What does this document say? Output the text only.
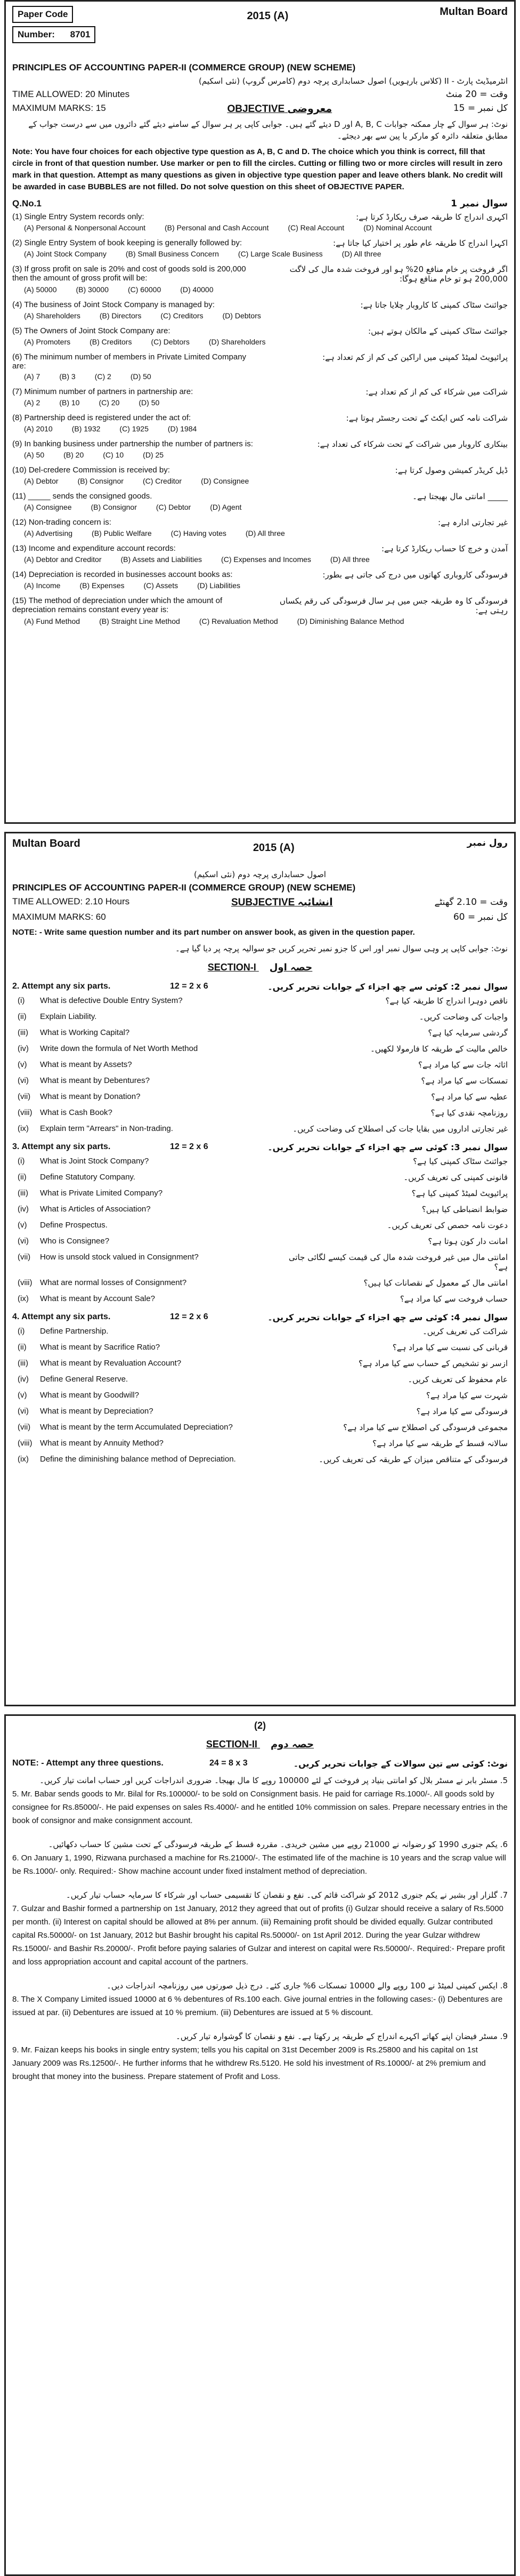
Paper Code
Number: 8701
2015 (A)	Multan Board
PRINCIPLES OF ACCOUNTING PAPER-II (COMMERCE GROUP) (NEW SCHEME)
انٹرمیڈیٹ پارٹ - II (کلاس بارہویں) اصول حسابداری پرچہ دوم (کامرس گروپ) (نئی اسکیم)
TIME ALLOWED: 20 Minutes	وقت = 20 منٹ
MAXIMUM MARKS: 15	OBJECTIVE معروضی	کل نمبر = 15
نوٹ: ہر سوال کے چار ممکنہ جوابات A, B, C اور D دیئے گئے ہیں۔ جوابی کاپی پر ہر سوال کے سامنے دیئے گئے دائروں میں سے درست جواب کے مطابق متعلقہ دائرہ کو مارکر یا پین سے بھر دیجئے۔
Note: You have four choices for each objective type question as A, B, C and D. The choice which you think is correct, fill that circle in front of that question number. Use marker or pen to fill the circles. Cutting or filling two or more circles will result in zero mark in that question. Attempt as many questions as given in objective type question paper and leave others blank. No credit will be awarded in case BUBBLES are not filled. Do not solve question on this sheet of OBJECTIVE PAPER.
Q.No.1	سوال نمبر 1
(1) Single Entry System records only:	اکہری اندراج کا طریقہ صرف ریکارڈ کرتا ہے:
(A) Personal & Nonpersonal Account	(B) Personal and Cash Account	(C) Real Account	(D) Nominal Account
(2) Single Entry System of book keeping is generally followed by:	اکہرا اندراج کا طریقہ عام طور پر اختیار کیا جاتا ہے:
(A) Joint Stock Company	(B) Small Business Concern	(C) Large Scale Business	(D) All three
(3) If gross profit on sale is 20% and cost of goods sold is 200,000 then the amount of gross profit will be:
اگر فروخت پر خام منافع 20% ہو اور فروخت شدہ مال کی لاگت 200,000 ہو تو خام منافع ہوگا:
(A) 50000	(B) 30000	(C) 60000	(D) 40000
(4) The business of Joint Stock Company is managed by:	جوائنٹ سٹاک کمپنی کا کاروبار چلایا جاتا ہے:
(A) Shareholders	(B) Directors	(C) Creditors	(D) Debtors
(5) The Owners of Joint Stock Company are:	جوائنٹ سٹاک کمپنی کے مالکان ہوتے ہیں:
(A) Promoters	(B) Creditors	(C) Debtors	(D) Shareholders
(6) The minimum number of members in Private Limited Company are:
پرائیویٹ لمیٹڈ کمپنی میں اراکین کی کم از کم تعداد ہے:
(A) 7	(B) 3	(C) 2	(D) 50
(7) Minimum number of partners in partnership are:	شراکت میں شرکاء کی کم از کم تعداد ہے:
(A) 2	(B) 10	(C) 20	(D) 50
(8) Partnership deed is registered under the act of:	شراکت نامہ کس ایکٹ کے تحت رجسٹر ہوتا ہے:
(A) 2010	(B) 1932	(C) 1925	(D) 1984
(9) In banking business under partnership the number of partners is:	بینکاری کاروبار میں شراکت کے تحت شرکاء کی تعداد ہے:
(A) 50	(B) 20	(C) 10	(D) 25
(10) Del-credere Commission is received by:	ڈیل کریڈر کمیشن وصول کرتا ہے:
(A) Debtor	(B) Consignor	(C) Creditor	(D) Consignee
(11) _____ sends the consigned goods.	_____ امانتی مال بھیجتا ہے۔
(A) Consignee	(B) Consignor	(C) Debtor	(D) Agent
(12) Non-trading concern is:	غیر تجارتی ادارہ ہے:
(A) Advertising	(B) Public Welfare	(C) Having votes	(D) All three
(13) Income and expenditure account records:	آمدن و خرچ کا حساب ریکارڈ کرتا ہے:
(A) Debtor and Creditor	(B) Assets and Liabilities	(C) Expenses and Incomes	(D) All three
(14) Depreciation is recorded in businesses account books as:	فرسودگی کاروباری کھاتوں میں درج کی جاتی ہے بطور:
(A) Income	(B) Expenses	(C) Assets	(D) Liabilities
(15) The method of depreciation under which the amount of depreciation remains constant every year is:
فرسودگی کا وہ طریقہ جس میں ہر سال فرسودگی کی رقم یکساں رہتی ہے:
(A) Fund Method	(B) Straight Line Method	(C) Revaluation Method	(D) Diminishing Balance Method
Multan Board	2015 (A)	رول نمبر
اصول حسابداری پرچہ دوم (نئی اسکیم)
PRINCIPLES OF ACCOUNTING PAPER-II (COMMERCE GROUP) (NEW SCHEME)
TIME ALLOWED: 2.10 Hours	SUBJECTIVE انشائیہ	وقت = 2.10 گھنٹے
MAXIMUM MARKS: 60	کل نمبر = 60
NOTE: - Write same question number and its part number on answer book, as given in the question paper.
نوٹ: جوابی کاپی پر وہی سوال نمبر اور اس کا جزو نمبر تحریر کریں جو سوالیہ پرچہ پر دیا گیا ہے۔
SECTION-I حصہ اول
2. Attempt any six parts.	12 = 2 x 6	سوال نمبر 2: کوئی سے چھ اجزاء کے جوابات تحریر کریں۔
(i) What is defective Double Entry System?	ناقص دوہرا اندراج کا طریقہ کیا ہے؟
(ii) Explain Liability.	واجبات کی وضاحت کریں۔
(iii) What is Working Capital?	گردشی سرمایہ کیا ہے؟
(iv) Write down the formula of Net Worth Method	خالص مالیت کے طریقہ کا فارمولا لکھیں۔
(v) What is meant by Assets?	اثاثہ جات سے کیا مراد ہے؟
(vi) What is meant by Debentures?	تمسکات سے کیا مراد ہے؟
(vii) What is meant by Donation?	عطیہ سے کیا مراد ہے؟
(viii) What is Cash Book?	روزنامچہ نقدی کیا ہے؟
(ix) Explain term "Arrears" in Non-trading.	غیر تجارتی اداروں میں بقایا جات کی اصطلاح کی وضاحت کریں۔
3. Attempt any six parts.	12 = 2 x 6	سوال نمبر 3: کوئی سے چھ اجزاء کے جوابات تحریر کریں۔
(i) What is Joint Stock Company?	جوائنٹ سٹاک کمپنی کیا ہے؟
(ii) Define Statutory Company.	قانونی کمپنی کی تعریف کریں۔
(iii) What is Private Limited Company?	پرائیویٹ لمیٹڈ کمپنی کیا ہے؟
(iv) What is Articles of Association?	ضوابط انضباطی کیا ہیں؟
(v) Define Prospectus.	دعوت نامہ حصص کی تعریف کریں۔
(vi) Who is Consignee?	امانت دار کون ہوتا ہے؟
(vii) How is unsold stock valued in Consignment?	امانتی مال میں غیر فروخت شدہ مال کی قیمت کیسے لگائی جاتی ہے؟
(viii) What are normal losses of Consignment?	امانتی مال کے معمول کے نقصانات کیا ہیں؟
(ix) What is meant by Account Sale?	حساب فروخت سے کیا مراد ہے؟
4. Attempt any six parts.	12 = 2 x 6	سوال نمبر 4: کوئی سے چھ اجزاء کے جوابات تحریر کریں۔
(i) Define Partnership.	شراکت کی تعریف کریں۔
(ii) What is meant by Sacrifice Ratio?	قربانی کی نسبت سے کیا مراد ہے؟
(iii) What is meant by Revaluation Account?	ازسر نو تشخیص کے حساب سے کیا مراد ہے؟
(iv) Define General Reserve.	عام محفوظ کی تعریف کریں۔
(v) What is meant by Goodwill?	شہرت سے کیا مراد ہے؟
(vi) What is meant by Depreciation?	فرسودگی سے کیا مراد ہے؟
(vii) What is meant by the term Accumulated Depreciation?	مجموعی فرسودگی کی اصطلاح سے کیا مراد ہے؟
(viii) What is meant by Annuity Method?	سالانہ قسط کے طریقہ سے کیا مراد ہے؟
(ix) Define the diminishing balance method of Depreciation.	فرسودگی کے متناقص میزان کے طریقہ کی تعریف کریں۔
(2)
SECTION-II حصہ دوم
NOTE: - Attempt any three questions.	24 = 8 x 3	نوٹ: کوئی سے تین سوالات کے جوابات تحریر کریں۔
5. مسٹر بابر نے مسٹر بلال کو امانتی بنیاد پر فروخت کے لئے 100000 روپے کا مال بھیجا۔ ضروری اندراجات کریں اور حساب امانت تیار کریں۔
5. Mr. Babar sends goods to Mr. Bilal for Rs.100000/- to be sold on Consignment basis. He paid for carriage Rs.1000/-. All goods sold by consignee for Rs.85000/-. He paid expenses on sales Rs.4000/- and he entitled 10% commission on sales. Prepare necessary entries in the book of consignor and make consignment account.
6. یکم جنوری 1990 کو رضوانہ نے 21000 روپے میں مشین خریدی۔ مقررہ قسط کے طریقہ فرسودگی کے تحت مشین کا حساب دکھائیں۔
6. On January 1, 1990, Rizwana purchased a machine for Rs.21000/-. The estimated life of the machine is 10 years and the scrap value will be Rs.1000/- only. Required:- Show machine account under fixed instalment method of depreciation.
7. گلزار اور بشیر نے یکم جنوری 2012 کو شراکت قائم کی۔ نفع و نقصان کا تقسیمی حساب اور شرکاء کا سرمایہ حساب تیار کریں۔
7. Gulzar and Bashir formed a partnership on 1st January, 2012 they agreed that out of profits (i) Gulzar should receive a salary of Rs.5000 per month. (ii) Interest on capital should be allowed at 8% per annum. (iii) Remaining profit should be divided equally. Gulzar contributed capital Rs.50000/- on 1st January, 2012 but Bashir brought his capital Rs.50000/- on 1st April 2012. During the year Gulzar withdrew Rs.15000/- and Bashir Rs.20000/-. Profit before paying salaries of Gulzar and interest on capital were Rs.50000/-. Required:- Prepare profit and loss appropriation account and capital account of the partners.
8. ایکس کمپنی لمیٹڈ نے 100 روپے والے 10000 تمسکات 6% جاری کئے۔ درج ذیل صورتوں میں روزنامچہ اندراجات دیں۔
8. The X Company Limited issued 10000 at 6 % debentures of Rs.100 each. Give journal entries in the following cases:- (i) Debentures are issued at par. (ii) Debentures are issued at 10 % premium. (iii) Debentures are issued at 5 % discount.
9. مسٹر فیضان اپنے کھاتے اکہرے اندراج کے طریقہ پر رکھتا ہے۔ نفع و نقصان کا گوشوارہ تیار کریں۔
9. Mr. Faizan keeps his books in single entry system; tells you his capital on 31st December 2009 is Rs.25800 and his capital on 1st January 2009 was Rs.12500/-. He further informs that he withdrew Rs.5120. He sold his investment of Rs.10000/- at 2% premium and brought that money into the business. Prepare statement of Profit and Loss.
